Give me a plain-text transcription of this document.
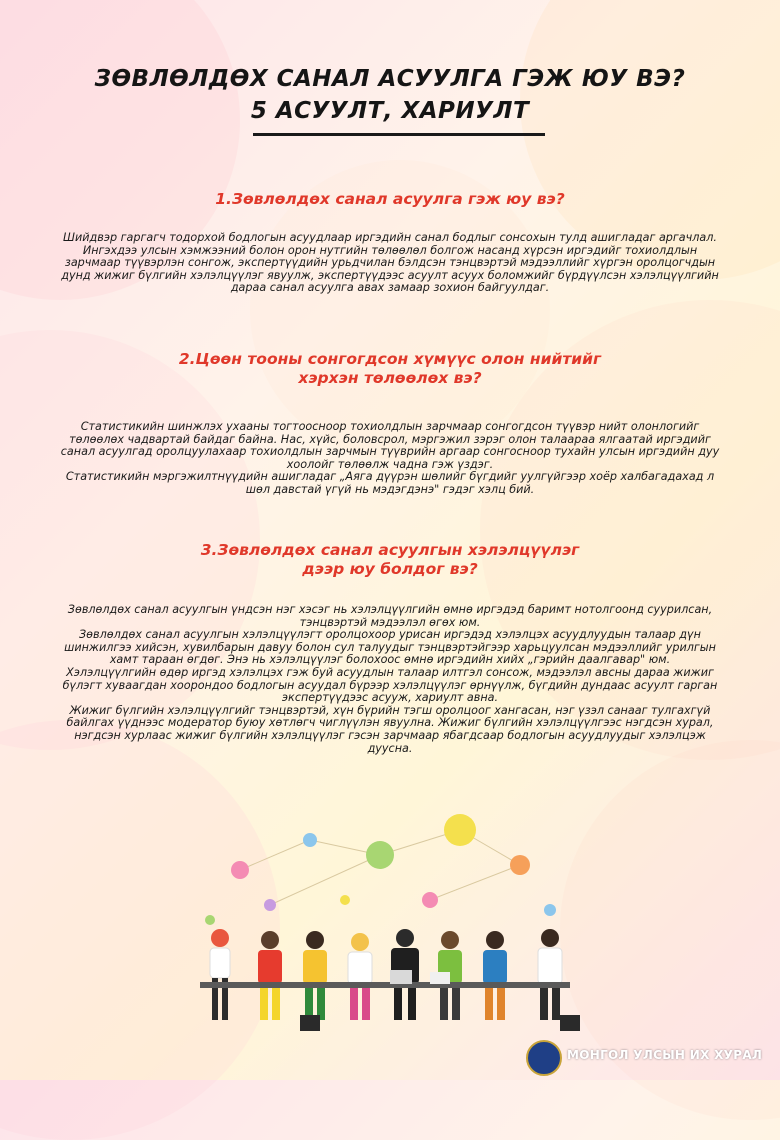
ЗӨВЛӨЛДӨХ САНАЛ АСУУЛГА ГЭЖ ЮУ ВЭ?
5 АСУУЛТ, ХАРИУЛТ
1.Зөвлөлдөх санал асуулга гэж юу вэ?

Шийдвэр гаргагч тодорхой бодлогын асуудлаар иргэдийн санал бодлыг сонсохын тулд ашигладаг аргачлал.

Ингэхдээ улсын хэмжээний болон орон нутгийн төлөөлөл болгож насанд хүрсэн иргэдийг тохиолдлын зарчмаар түүвэрлэн сонгож, экспертүүдийн урьдчилан бэлдсэн тэнцвэртэй мэдээллийг хүргэн оролцогчдын дунд жижиг бүлгийн хэлэлцүүлэг явуулж, экспертүүдээс асуулт асуух боломжийг бүрдүүлсэн хэлэлцүүлгийн дараа санал асуулга авах замаар зохион байгуулдаг.

2.Цөөн тооны сонгогдсон хүмүүс олон нийтийг
хэрхэн төлөөлөх вэ?

Статистикийн шинжлэх ухааны тогтоосноор тохиолдлын зарчмаар сонгогдсон түүвэр нийт олонлогийг төлөөлөх чадвартай байдаг байна. Нас, хүйс, боловсрол, мэргэжил зэрэг олон талаараа ялгаатай иргэдийг санал асуулгад оролцуулахаар тохиолдлын зарчмын түүврийн аргаар сонгосноор тухайн улсын иргэдийн дуу хоолойг төлөөлж чадна гэж үздэг.

Статистикийн мэргэжилтнүүдийн ашигладаг „Аяга дүүрэн шөлийг бүгдийг уулгүйгээр хоёр халбагадахад л шөл давстай үгүй нь мэдэгдэнэ" гэдэг хэлц бий.

3.Зөвлөлдөх санал асуулгын хэлэлцүүлэг
дээр юу болдог вэ?

Зөвлөлдөх санал асуулгын үндсэн нэг хэсэг нь хэлэлцүүлгийн өмнө иргэдэд баримт нотолгоонд суурилсан, тэнцвэртэй мэдээлэл өгөх юм.

Зөвлөлдөх санал асуулгын хэлэлцүүлэгт оролцохоор урисан иргэдэд хэлэлцэх асуудлуудын талаар дүн шинжилгээ хийсэн, хувилбарын давуу болон сул талуудыг тэнцвэртэйгээр харьцуулсан мэдээллийг урилгын хамт тараан өгдөг. Энэ нь хэлэлцүүлэг болохоос өмнө иргэдийн хийх „гэрийн даалгавар" юм.

Хэлэлцүүлгийн өдөр иргэд хэлэлцэх гэж буй асуудлын талаар илтгэл сонсож, мэдээлэл авсны дараа жижиг бүлэгт хуваагдан хоорондоо бодлогын асуудал бүрээр хэлэлцүүлэг өрнүүлж, бүгдийн дундаас асуулт гарган экспертүүдээс асууж, хариулт авна.

Жижиг бүлгийн хэлэлцүүлгийг тэнцвэртэй, хүн бүрийн тэгш оролцоог хангасан, нэг үзэл санааг тулгахгүй байлгах үүднээс модератор буюу хөтлөгч чиглүүлэн явуулна. Жижиг бүлгийн хэлэлцүүлгээс нэгдсэн хурал, нэгдсэн хурлаас жижиг бүлгийн хэлэлцүүлэг гэсэн зарчмаар ябагдсаар бодлогын асуудлуудыг хэлэлцэж дуусна.

МОНГОЛ УЛСЫН ИХ ХУРАЛ
